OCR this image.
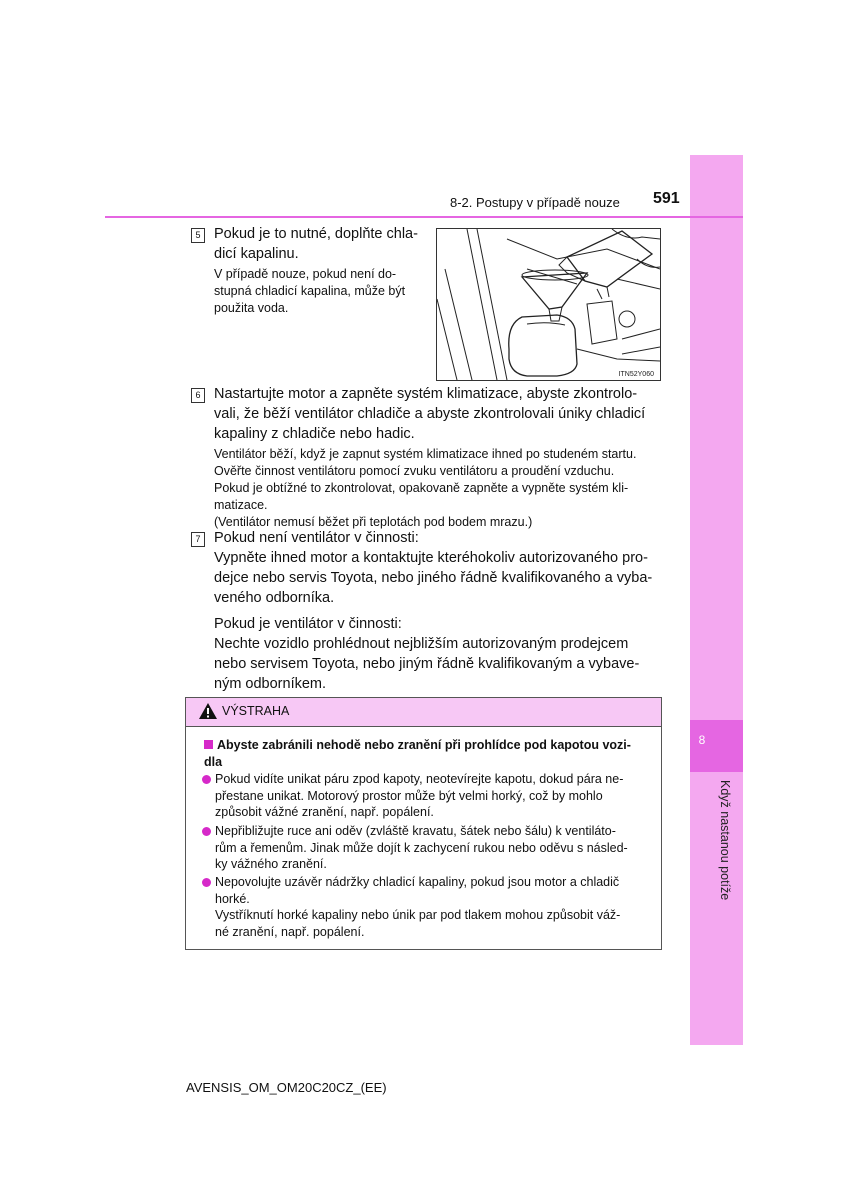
8
Když nastanou potíže
8-2. Postupy v případě nouze 591
5 Pokud je to nutné, doplňte chla-
dicí kapalinu.
V případě nouze, pokud není do-
stupná chladicí kapalina, může být
použita voda.
ITN52Y060
6 Nastartujte motor a zapněte systém klimatizace, abyste zkontrolo-
vali, že běží ventilátor chladiče a abyste zkontrolovali úniky chladicí
kapaliny z chladiče nebo hadic.
Ventilátor běží, když je zapnut systém klimatizace ihned po studeném startu.
Ověřte činnost ventilátoru pomocí zvuku ventilátoru a proudění vzduchu.
Pokud je obtížné to zkontrolovat, opakovaně zapněte a vypněte systém kli-
matizace.
(Ventilátor nemusí běžet při teplotách pod bodem mrazu.)
7 Pokud není ventilátor v činnosti:
Vypněte ihned motor a kontaktujte kteréhokoliv autorizovaného pro-
dejce nebo servis Toyota, nebo jiného řádně kvalifikovaného a vyba-
veného odborníka.
Pokud je ventilátor v činnosti:
Nechte vozidlo prohlédnout nejbližším autorizovaným prodejcem
nebo servisem Toyota, nebo jiným řádně kvalifikovaným a vybave-
ným odborníkem.
VÝSTRAHA
Abyste zabránili nehodě nebo zranění při prohlídce pod kapotou vozi-
dla
Pokud vidíte unikat páru zpod kapoty, neotevírejte kapotu, dokud pára ne-
přestane unikat. Motorový prostor může být velmi horký, což by mohlo
způsobit vážné zranění, např. popálení.
Nepřibližujte ruce ani oděv (zvláště kravatu, šátek nebo šálu) k ventiláto-
rům a řemenům. Jinak může dojít k zachycení rukou nebo oděvu s násled-
ky vážného zranění.
Nepovolujte uzávěr nádržky chladicí kapaliny, pokud jsou motor a chladič
horké.
Vystříknutí horké kapaliny nebo únik par pod tlakem mohou způsobit váž-
né zranění, např. popálení.
AVENSIS_OM_OM20C20CZ_(EE)
